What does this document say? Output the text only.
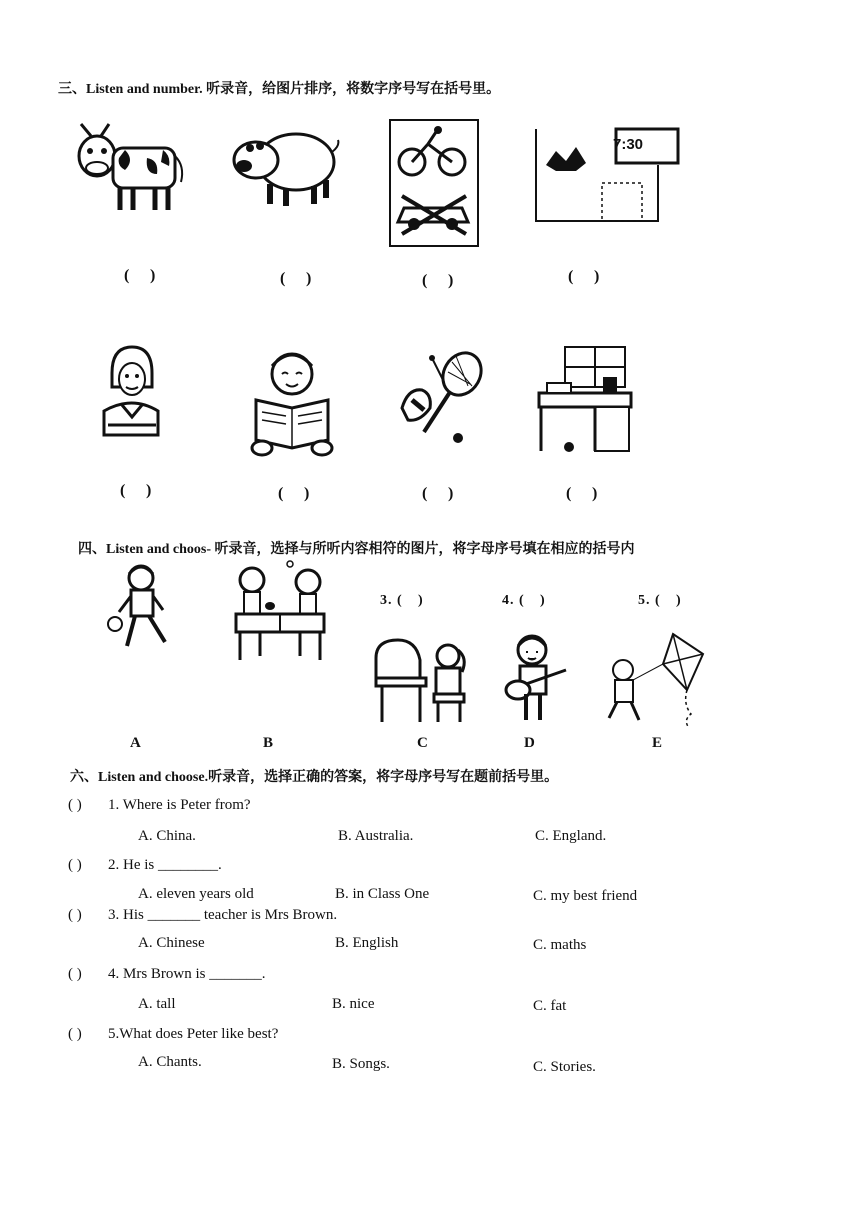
三、Listen and number. 听录音，给图片排序，将数字序号写在括号里。
7:30
( )	( )	( )	( )
( )	( )	( )	( )
四、Listen and choos- 听录音，选择与所听内容相符的图片，将字母序号填在相应的括号内
3. ( )	4. ( )	5. ( )
A	B	C	D	E
六、Listen and choose.听录音，选择正确的答案，将字母序号写在题前括号里。
( ) 1. Where is Peter from?
A. China.	B. Australia.	C. England.
( ) 2. He is ________.
A. eleven years old	B. in Class One	C. my best friend
( ) 3. His _______ teacher is Mrs Brown.
A. Chinese	B. English	C. maths
( ) 4. Mrs Brown is _______.
A. tall	B. nice	C. fat
( ) 5.What does Peter like best?
A. Chants.	B. Songs.	C. Stories.
